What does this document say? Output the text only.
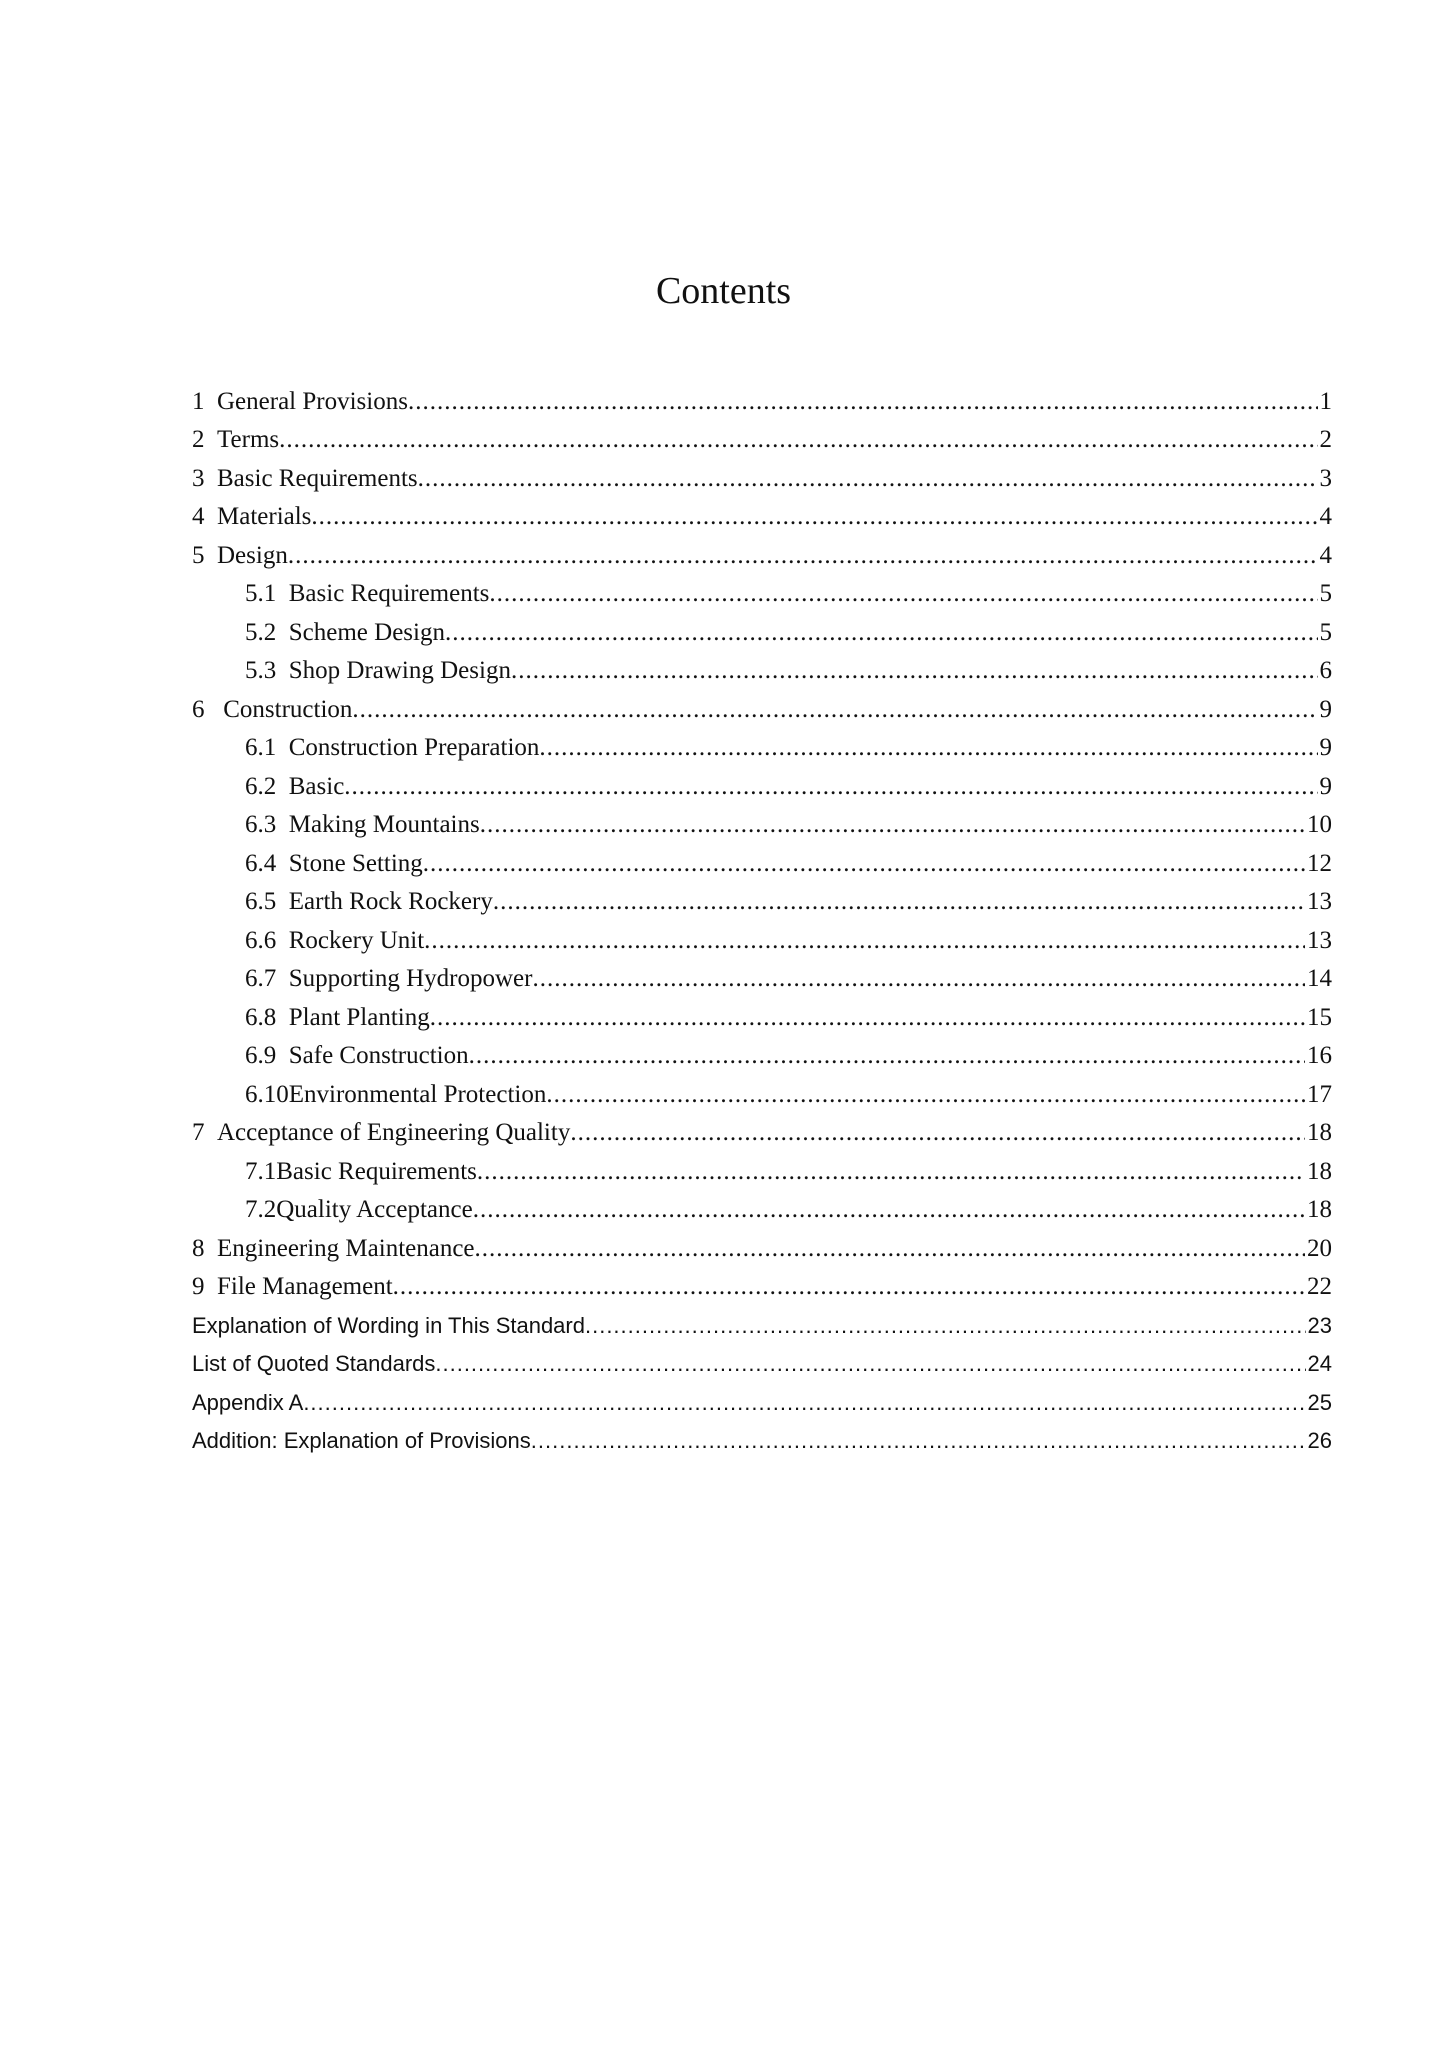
Contents
1 General Provisions .....	1
2 Terms .....	2
3 Basic Requirements .....	3
4 Materials .....	4
5 Design .....	4
5.1 Basic Requirements .....	5
5.2 Scheme Design .....	5
5.3 Shop Drawing Design .....	6
6 Construction .....	9
6.1 Construction Preparation .....	9
6.2 Basic .....	9
6.3 Making Mountains .....	10
6.4 Stone Setting .....	12
6.5 Earth Rock Rockery .....	13
6.6 Rockery Unit .....	13
6.7 Supporting Hydropower .....	14
6.8 Plant Planting .....	15
6.9 Safe Construction .....	16
6.10 Environmental Protection .....	17
7 Acceptance of Engineering Quality .....	18
7.1 Basic Requirements .....	18
7.2 Quality Acceptance .....	18
8 Engineering Maintenance .....	20
9 File Management .....	22
Explanation of Wording in This Standard .....	23
List of Quoted Standards .....	24
Appendix A .....	25
Addition: Explanation of Provisions .....	26
